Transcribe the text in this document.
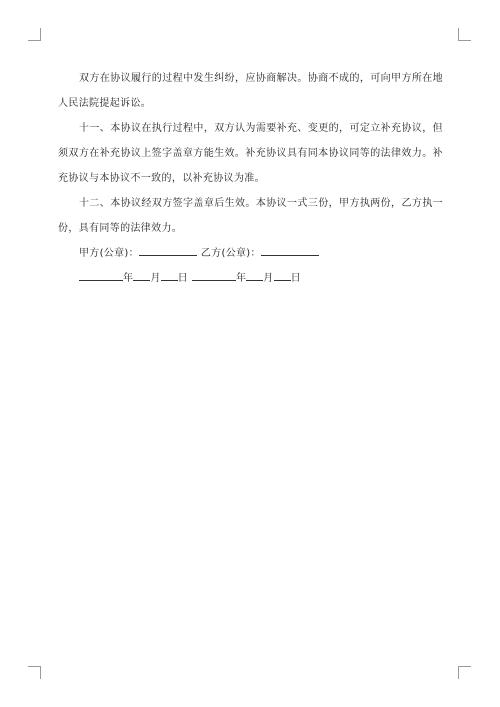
双方在协议履行的过程中发生纠纷，应协商解决。协商不成的，可向甲方所在地人民法院提起诉讼。

十一、本协议在执行过程中，双方认为需要补充、变更的，可定立补充协议，但须双方在补充协议上签字盖章方能生效。补充协议具有同本协议同等的法律效力。补充协议与本协议不一致的，以补充协议为准。

十二、本协议经双方签字盖章后生效。本协议一式三份，甲方执两份，乙方执一份，具有同等的法律效力。

甲方(公章)：	乙方(公章)：

年 月 日	年 月 日
